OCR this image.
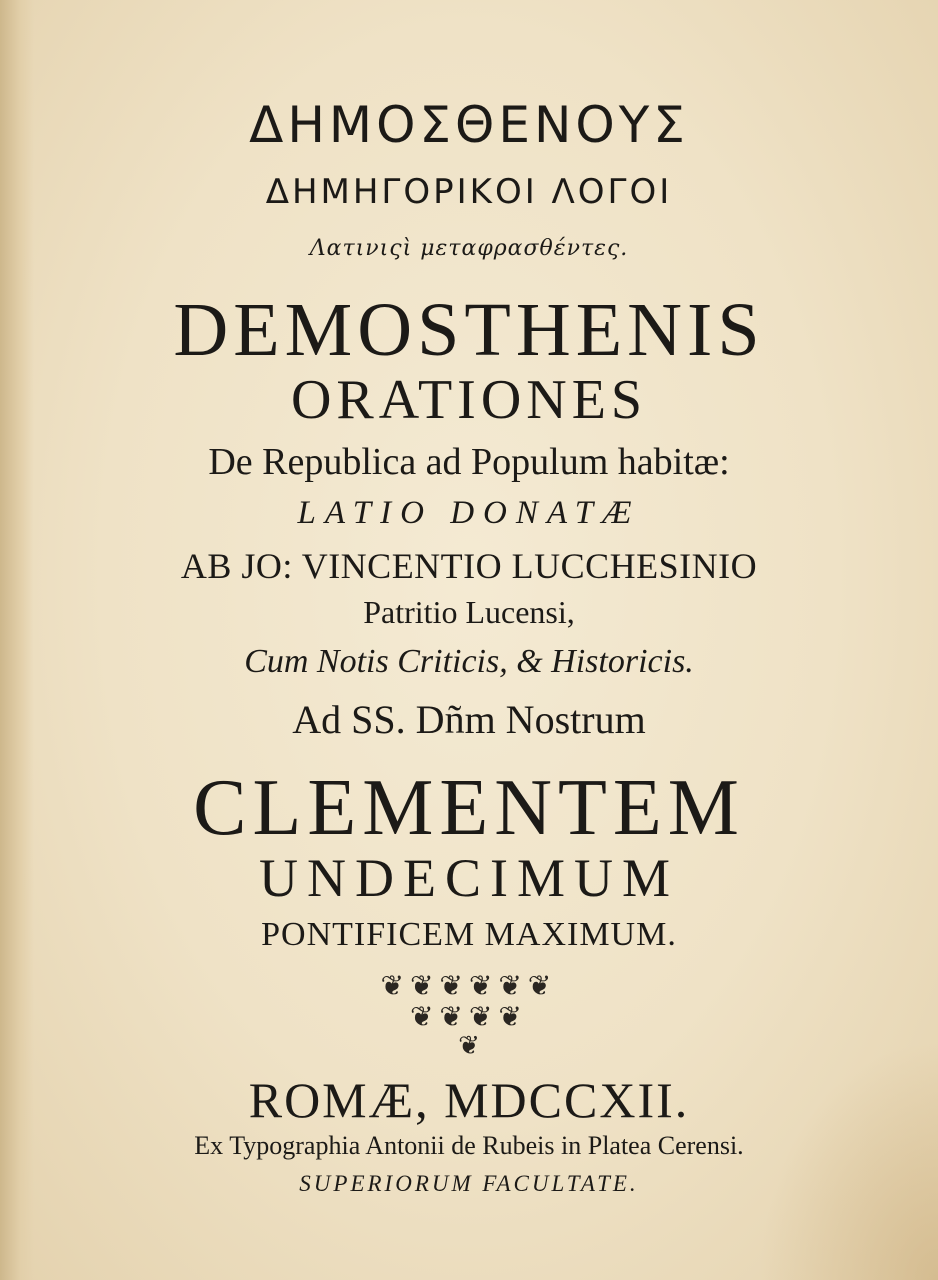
ΔΗΜΟΣΘΕΝΟΥΣ
ΔΗΜΗΓΟΡΙΚΟΙ ΛΟΓΟΙ
Λατινιςὶ μεταφρασθέντες.
DEMOSTHENIS
ORATIONES
De Republica ad Populum habitæ:
LATIO DONATÆ
AB JO: VINCENTIO LUCCHESINIO
Patritio Lucensi,
Cum Notis Criticis, & Historicis.
Ad SS. Dñm Nostrum
CLEMENTEM
UNDECIMUM
PONTIFICEM MAXIMUM.
❦❦❦❦❦❦
❦❦❦❦
❦
ROMÆ, MDCCXII.
Ex Typographia Antonii de Rubeis in Platea Cerensi.
SUPERIORUM FACULTATE.
